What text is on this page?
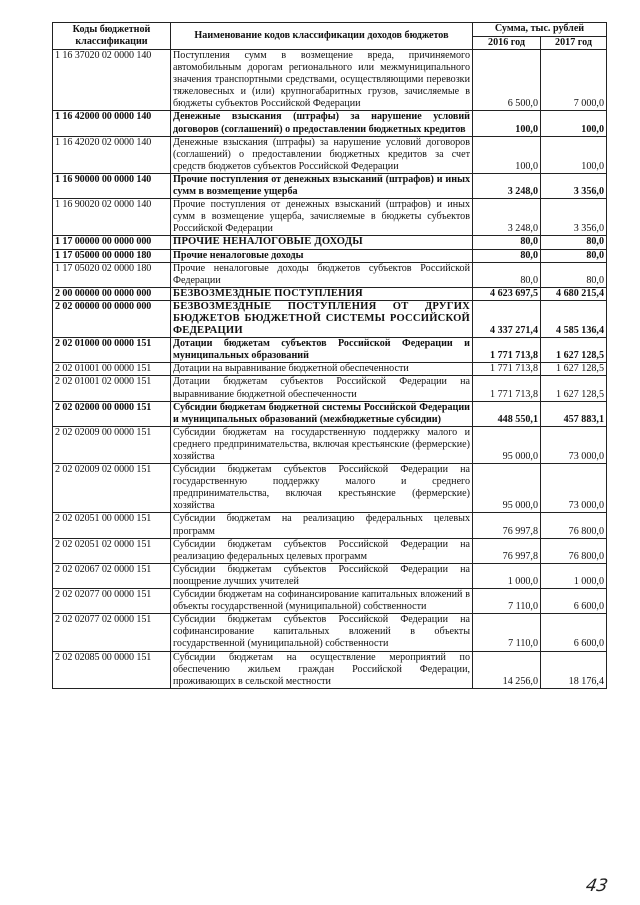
Коды бюджетной классификации	Наименование кодов классификации доходов бюджетов	Сумма, тыс. рублей	
		2016 год	2017 год
1 16 37020 02 0000 140	Поступления сумм в возмещение вреда, причиняемого автомобильным дорогам регионального или межмуниципального значения транспортными средствами, осуществляющими перевозки тяжеловесных и (или) крупногабаритных грузов, зачисляемые в бюджеты субъектов Российской Федерации	6 500,0	7 000,0
1 16 42000 00 0000 140	Денежные взыскания (штрафы) за нарушение условий договоров (соглашений) о предоставлении бюджетных кредитов	100,0	100,0
1 16 42020 02 0000 140	Денежные взыскания (штрафы) за нарушение условий договоров (соглашений) о предоставлении бюджетных кредитов за счет средств бюджетов субъектов Российской Федерации	100,0	100,0
1 16 90000 00 0000 140	Прочие поступления от денежных взысканий (штрафов) и иных сумм в возмещение ущерба	3 248,0	3 356,0
1 16 90020 02 0000 140	Прочие поступления от денежных взысканий (штрафов) и иных сумм в возмещение ущерба, зачисляемые в бюджеты субъектов Российской Федерации	3 248,0	3 356,0
1 17 00000 00 0000 000	ПРОЧИЕ НЕНАЛОГОВЫЕ ДОХОДЫ	80,0	80,0
1 17 05000 00 0000 180	Прочие неналоговые доходы	80,0	80,0
1 17 05020 02 0000 180	Прочие неналоговые доходы бюджетов субъектов Российской Федерации	80,0	80,0
2 00 00000 00 0000 000	БЕЗВОЗМЕЗДНЫЕ ПОСТУПЛЕНИЯ	4 623 697,5	4 680 215,4
2 02 00000 00 0000 000	БЕЗВОЗМЕЗДНЫЕ ПОСТУПЛЕНИЯ ОТ ДРУГИХ БЮДЖЕТОВ БЮДЖЕТНОЙ СИСТЕМЫ РОССИЙСКОЙ ФЕДЕРАЦИИ	4 337 271,4	4 585 136,4
2 02 01000 00 0000 151	Дотации бюджетам субъектов Российской Федерации и муниципальных образований	1 771 713,8	1 627 128,5
2 02 01001 00 0000 151	Дотации на выравнивание бюджетной обеспеченности	1 771 713,8	1 627 128,5
2 02 01001 02 0000 151	Дотации бюджетам субъектов Российской Федерации на выравнивание бюджетной обеспеченности	1 771 713,8	1 627 128,5
2 02 02000 00 0000 151	Субсидии бюджетам бюджетной системы Российской Федерации и муниципальных образований (межбюджетные субсидии)	448 550,1	457 883,1
2 02 02009 00 0000 151	Субсидии бюджетам на государственную поддержку малого и среднего предпринимательства, включая крестьянские (фермерские) хозяйства	95 000,0	73 000,0
2 02 02009 02 0000 151	Субсидии бюджетам субъектов Российской Федерации на государственную поддержку малого и среднего предпринимательства, включая крестьянские (фермерские) хозяйства	95 000,0	73 000,0
2 02 02051 00 0000 151	Субсидии бюджетам на реализацию федеральных целевых программ	76 997,8	76 800,0
2 02 02051 02 0000 151	Субсидии бюджетам субъектов Российской Федерации на реализацию федеральных целевых программ	76 997,8	76 800,0
2 02 02067 02 0000 151	Субсидии бюджетам субъектов Российской Федерации на поощрение лучших учителей	1 000,0	1 000,0
2 02 02077 00 0000 151	Субсидии бюджетам на софинансирование капитальных вложений в объекты государственной (муниципальной) собственности	7 110,0	6 600,0
2 02 02077 02 0000 151	Субсидии бюджетам субъектов Российской Федерации на софинансирование капитальных вложений в объекты государственной (муниципальной) собственности	7 110,0	6 600,0
2 02 02085 00 0000 151	Субсидии бюджетам на осуществление мероприятий по обеспечению жильем граждан Российской Федерации, проживающих в сельской местности	14 256,0	18 176,4
43
